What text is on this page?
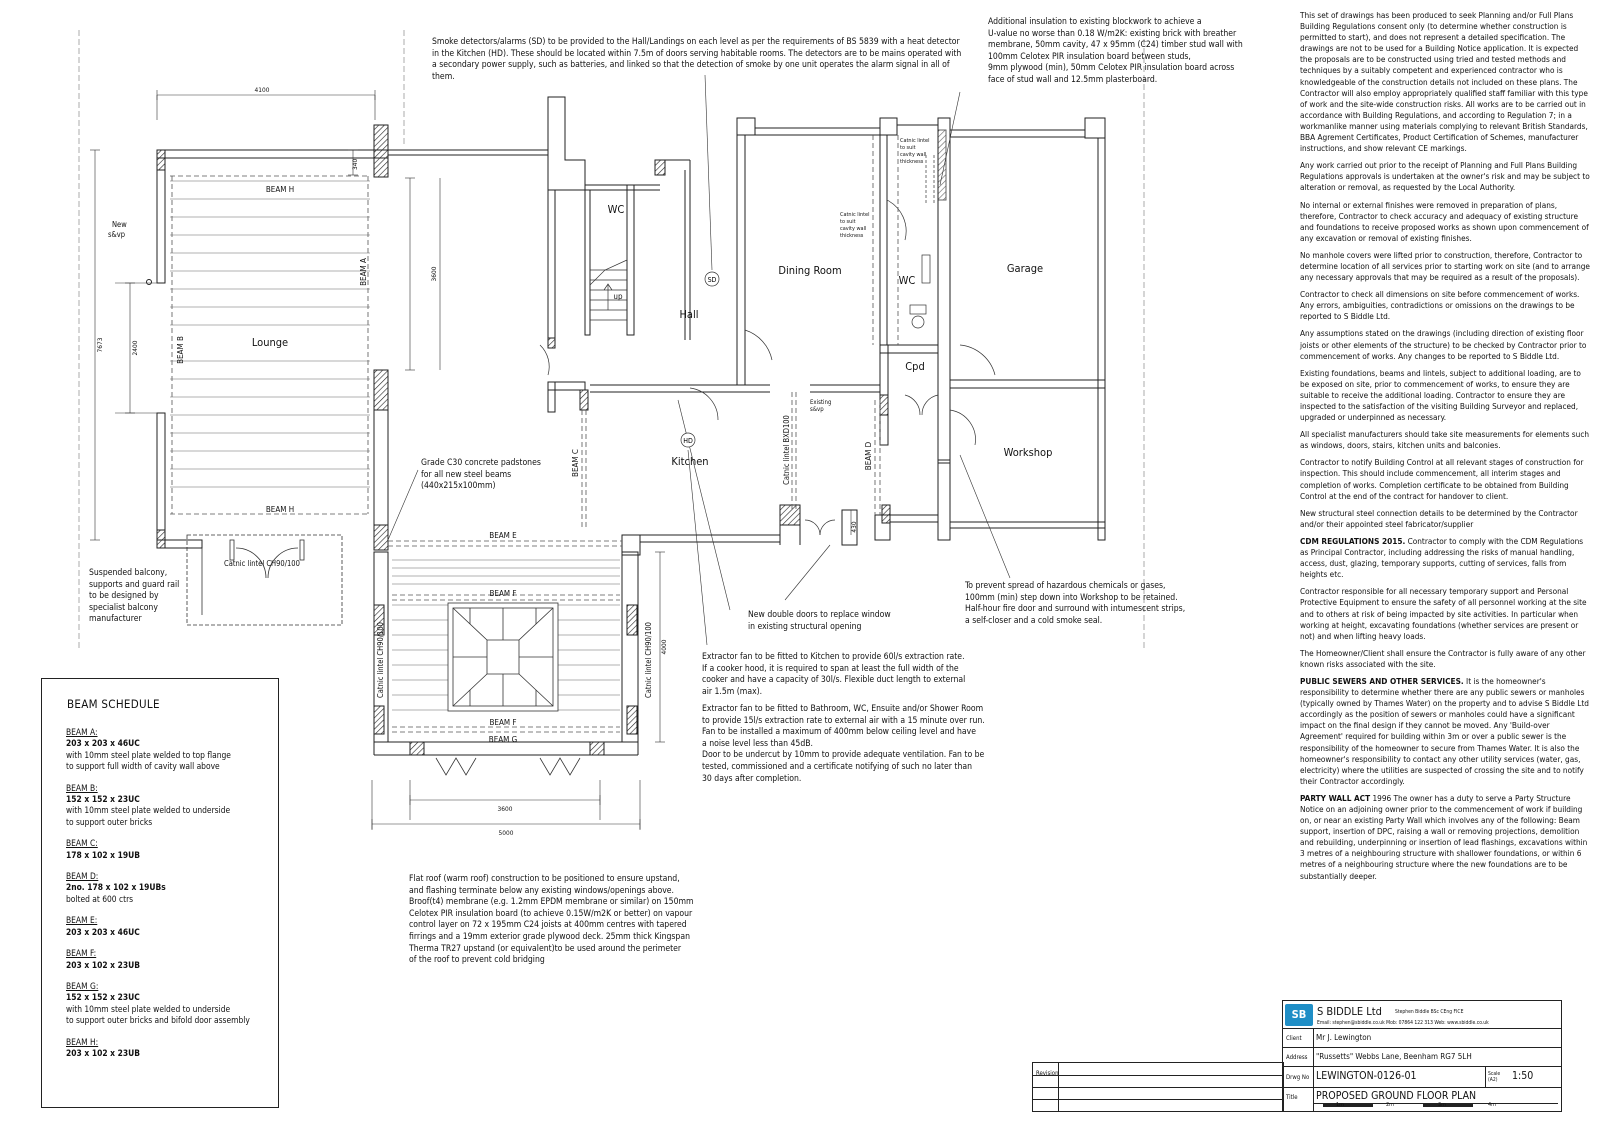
Lounge
WC
Hall
Dining Room
WC
Garage
Cpd
Kitchen
Workshop
up
SD
HD
BEAM H
BEAM H
BEAM A
BEAM B
BEAM C	BEAM D
BEAM E
BEAM F
BEAM F
BEAM G
New
s&vp
Existing
s&vp
Catnic lintel CH90/100
Catnic lintel CH90/100	Catnic lintel CH90/100
Catnic lintel BXD100
Catnic lintel
to suit
cavity wall
thickness
Catnic lintel
to suit
cavity wall
thickness
4100
340
3600
7673	2400
430
4000
3600
5000

Smoke detectors/alarms (SD) to be provided to the Hall/Landings on each level as per the requirements of BS 5839 with a heat detector

in the Kitchen (HD). These should be located within 7.5m of doors serving habitable rooms. The detectors are to be mains operated with

a secondary power supply, such as batteries, and linked so that the detection of smoke by one unit operates the alarm signal in all of them.

Additional insulation to existing blockwork to achieve a

U-value no worse than 0.18 W/m2K: existing brick with breather

membrane, 50mm cavity, 47 x 95mm (C24) timber stud wall with

100mm Celotex PIR insulation board between studs,

9mm plywood (min), 50mm Celotex PIR insulation board across

face of stud wall and 12.5mm plasterboard.

Grade C30 concrete padstones

for all new steel beams

(440x215x100mm)

Suspended balcony,

supports and guard rail

to be designed by

specialist balcony

manufacturer	New double doors to replace window

in existing structural opening

To prevent spread of hazardous chemicals or gases,

100mm (min) step down into Workshop to be retained.

Half-hour fire door and surround with intumescent strips,

a self-closer and a cold smoke seal.

Extractor fan to be fitted to Kitchen to provide 60l/s extraction rate.

If a cooker hood, it is required to span at least the full width of the

cooker and have a capacity of 30l/s. Flexible duct length to external

air 1.5m (max).

Extractor fan to be fitted to Bathroom, WC, Ensuite and/or Shower Room

to provide 15l/s extraction rate to external air with a 15 minute over run.

Fan to be installed a maximum of 400mm below ceiling level and have

a noise level less than 45dB.

Door to be undercut by 10mm to provide adequate ventilation. Fan to be

tested, commissioned and a certificate notifying of such no later than

30 days after completion.

Flat roof (warm roof) construction to be positioned to ensure upstand,

and flashing terminate below any existing windows/openings above.

Broof(t4) membrane (e.g. 1.2mm EPDM membrane or similar) on 150mm

Celotex PIR insulation board (to achieve 0.15W/m2K or better) on vapour

control layer on 72 x 195mm C24 joists at 400mm centres with tapered

firrings and a 19mm exterior grade plywood deck. 25mm thick Kingspan

Therma TR27 upstand (or equivalent)to be used around the perimeter

of the roof to prevent cold bridging

This set of drawings has been produced to seek Planning and/or Full Plans Building Regulations consent only (to determine whether construction is permitted to start), and does not represent a detailed specification. The drawings are not to be used for a Building Notice application. It is expected the proposals are to be constructed using tried and tested methods and techniques by a suitably competent and experienced contractor who is knowledgeable of the construction details not included on these plans. The Contractor will also employ appropriately qualified staff familiar with this type of work and the site-wide construction risks. All works are to be carried out in accordance with Building Regulations, and according to Regulation 7; in a workmanlike manner using materials complying to relevant British Standards, BBA Agrement Certificates, Product Certification of Schemes, manufacturer instructions, and show relevant CE markings.

Any work carried out prior to the receipt of Planning and Full Plans Building Regulations approvals is undertaken at the owner's risk and may be subject to alteration or removal, as requested by the Local Authority.

No internal or external finishes were removed in preparation of plans, therefore, Contractor to check accuracy and adequacy of existing structure and foundations to receive proposed works as shown upon commencement of any excavation or removal of existing finishes.

No manhole covers were lifted prior to construction, therefore, Contractor to determine location of all services prior to starting work on site (and to arrange any necessary approvals that may be required as a result of the proposals).

Contractor to check all dimensions on site before commencement of works. Any errors, ambiguities, contradictions or omissions on the drawings to be reported to S Biddle Ltd.

Any assumptions stated on the drawings (including direction of existing floor joists or other elements of the structure) to be checked by Contractor prior to commencement of works. Any changes to be reported to S Biddle Ltd.

Existing foundations, beams and lintels, subject to additional loading, are to be exposed on site, prior to commencement of works, to ensure they are suitable to receive the additional loading. Contractor to ensure they are inspected to the satisfaction of the visiting Building Surveyor and replaced, upgraded or underpinned as necessary.

All specialist manufacturers should take site measurements for elements such as windows, doors, stairs, kitchen units and balconies.

Contractor to notify Building Control at all relevant stages of construction for inspection. This should include commencement, all interim stages and completion of works. Completion certificate to be obtained from Building Control at the end of the contract for handover to client.

New structural steel connection details to be determined by the Contractor and/or their appointed steel fabricator/supplier

CDM REGULATIONS 2015. Contractor to comply with the CDM Regulations as Principal Contractor, including addressing the risks of manual handling, access, dust, glazing, temporary supports, cutting of services, falls from heights etc.

Contractor responsible for all necessary temporary support and Personal Protective Equipment to ensure the safety of all personnel working at the site and to others at risk of being impacted by site activities. In particular when working at height, excavating foundations (whether services are present or not) and when lifting heavy loads.

The Homeowner/Client shall ensure the Contractor is fully aware of any other known risks associated with the site.

PUBLIC SEWERS AND OTHER SERVICES. It is the homeowner's responsibility to determine whether there are any public sewers or manholes (typically owned by Thames Water) on the property and to advise S Biddle Ltd accordingly as the position of sewers or manholes could have a significant impact on the final design if they cannot be moved. Any 'Build-over Agreement' required for building within 3m or over a public sewer is the responsibility of the homeowner to secure from Thames Water. It is also the homeowner's responsibility to contact any other utility services (water, gas, electricity) where the utilities are suspected of crossing the site and to notify their Contractor accordingly.

PARTY WALL ACT 1996 The owner has a duty to serve a Party Structure Notice on an adjoining owner prior to the commencement of work if building on, or near an existing Party Wall which involves any of the following: Beam support, insertion of DPC, raising a wall or removing projections, demolition and rebuilding, underpinning or insertion of lead flashings, excavations within 3 metres of a neighbouring structure with shallower foundations, or within 6 metres of a neighbouring structure where the new foundations are to be substantially deeper.

BEAM SCHEDULE
BEAM A:
203 x 203 x 46UC
with 10mm steel plate welded to top flange
to support full width of cavity wall above
BEAM B:
152 x 152 x 23UC
with 10mm steel plate welded to underside
to support outer bricks
BEAM C:
178 x 102 x 19UB
BEAM D:
2no. 178 x 102 x 19UBs
bolted at 600 ctrs
BEAM E:
203 x 203 x 46UC
BEAM F:
203 x 102 x 23UB
BEAM G:
152 x 152 x 23UC
with 10mm steel plate welded to underside
to support outer bricks and bifold door assembly
BEAM H:
203 x 102 x 23UB
Revision
SB S BIDDLE Ltd	Stephen Biddle BSc CEng FICE
Email: stephen@sbiddle.co.uk Mob: 07864 122 313 Web: www.sbiddle.co.uk
Client Mr J. Lewington
Address "Russetts" Webbs Lane, Beenham RG7 5LH
Drwg No LEWINGTON-0126-01	Scale (A2)	1:50
Title PROPOSED GROUND FLOOR PLAN
1m	2m	3m	4m
